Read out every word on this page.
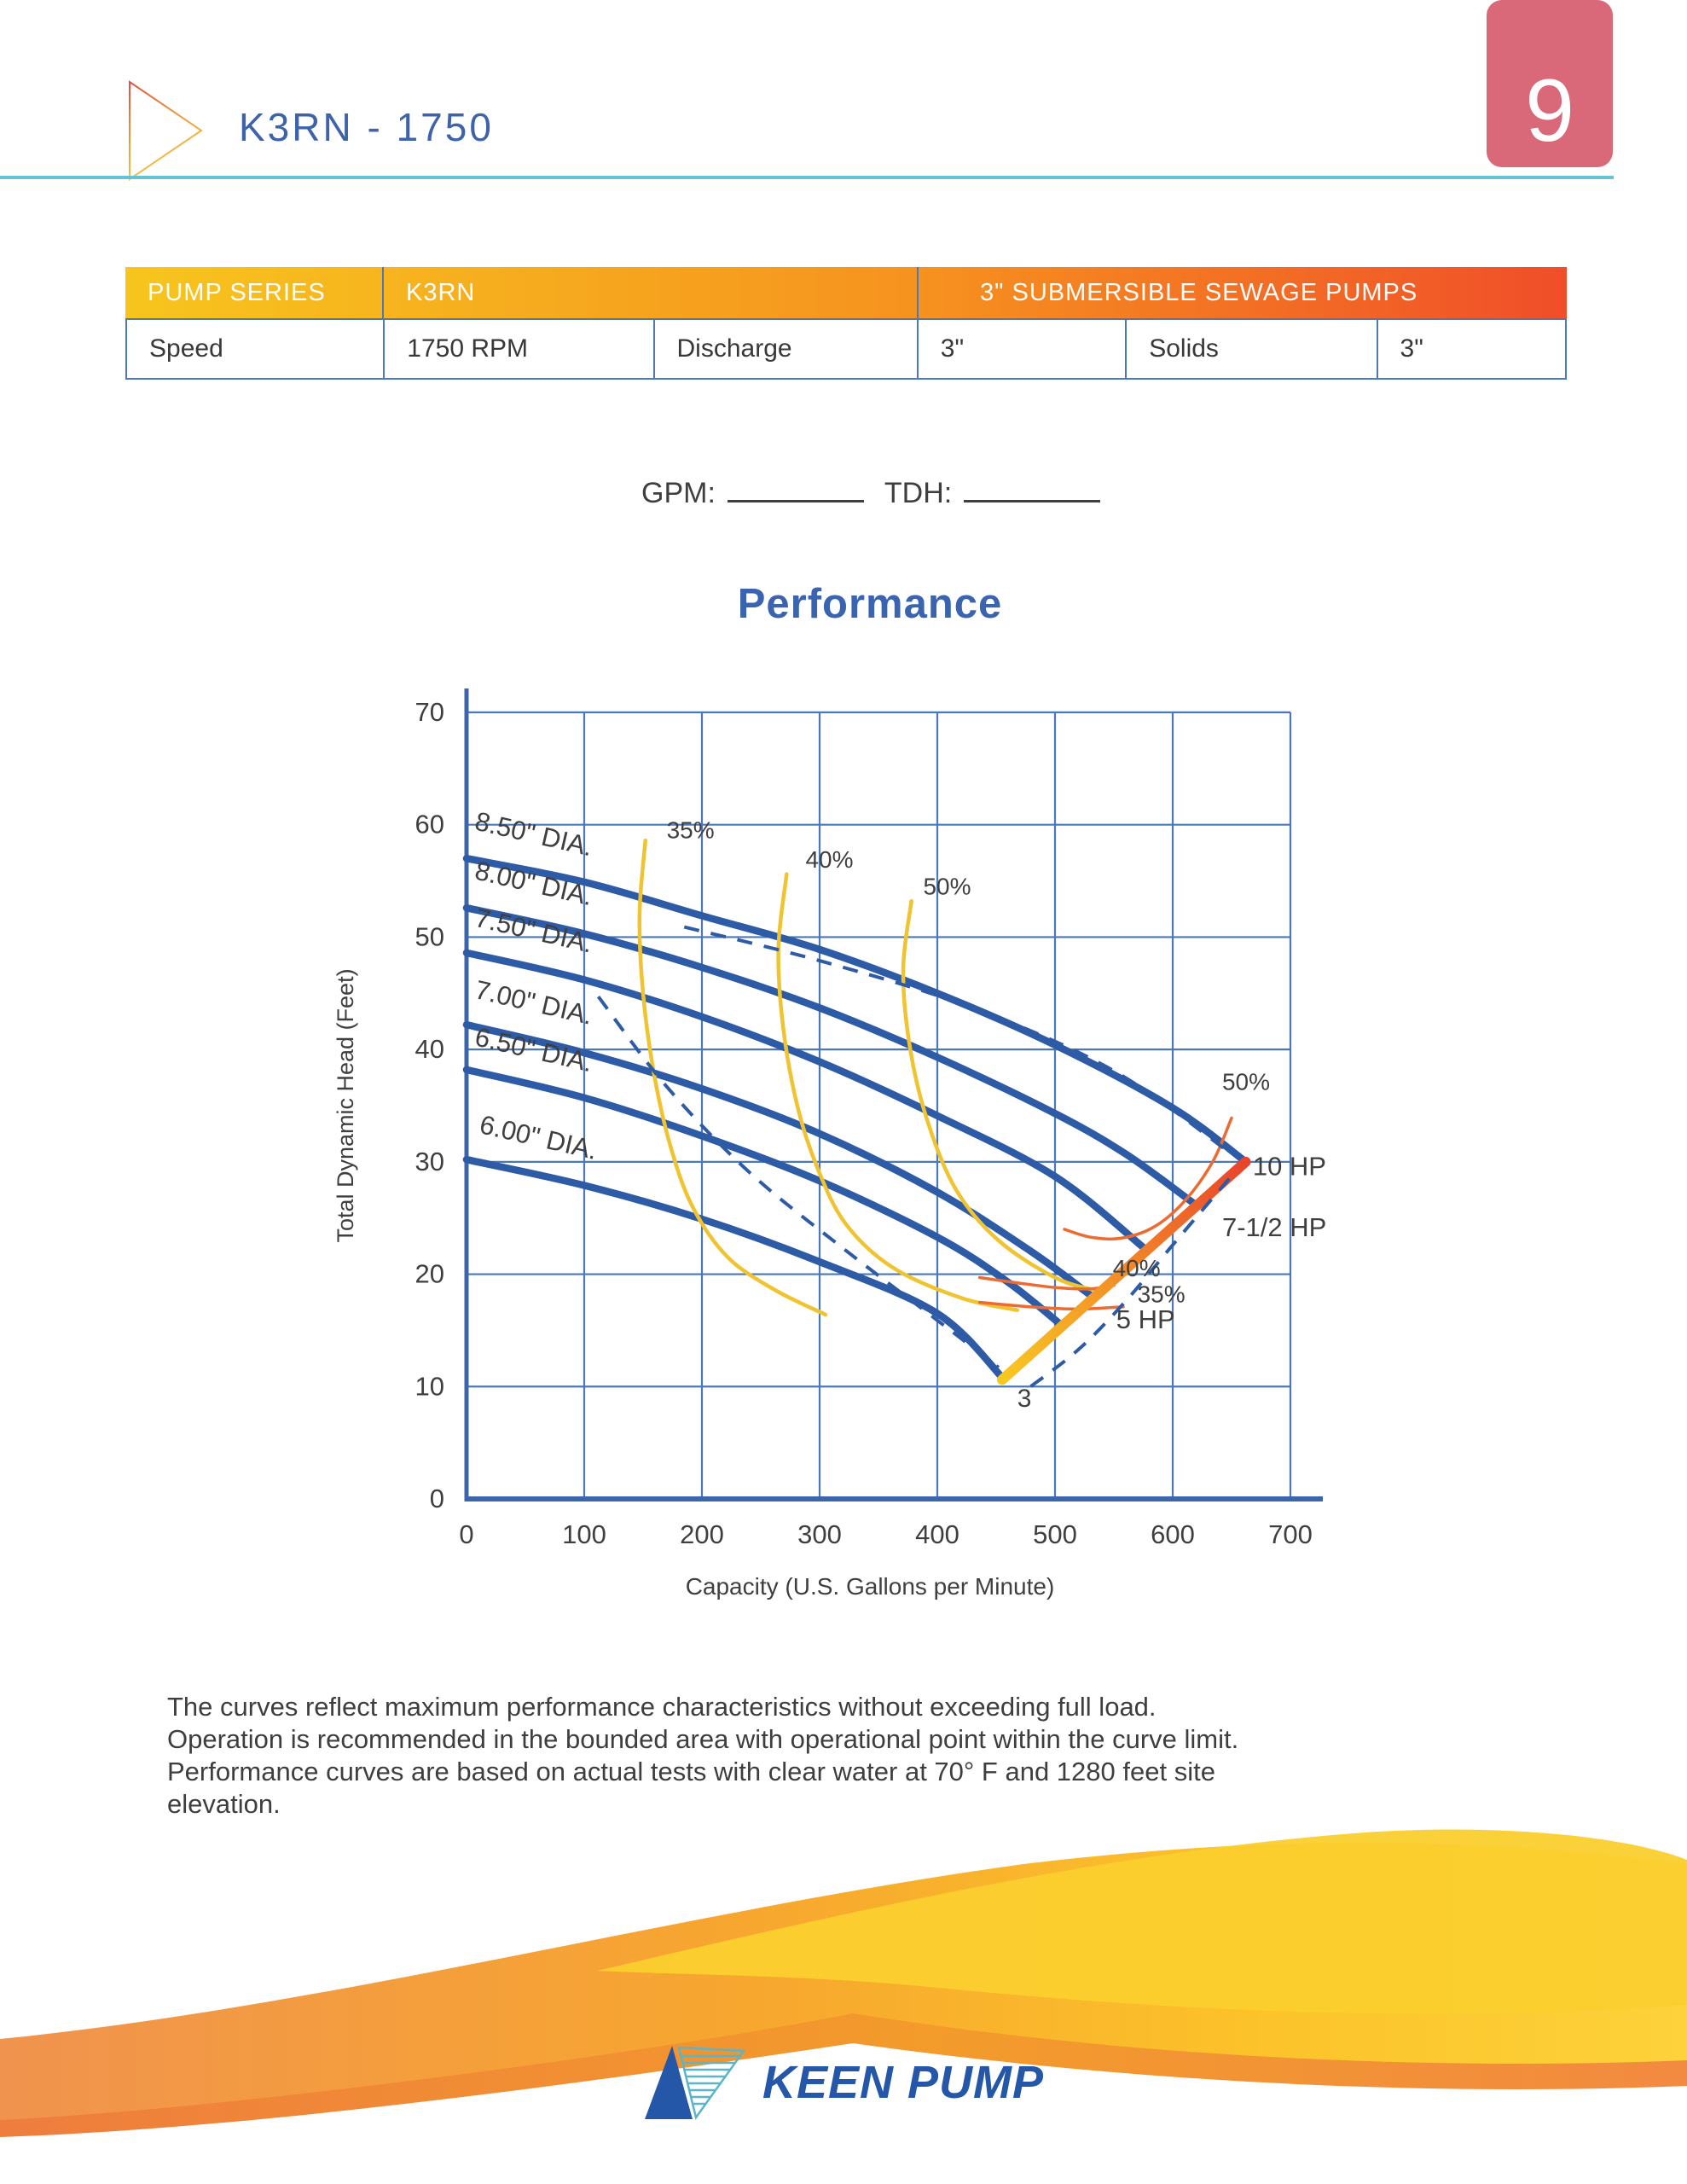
K3RN - 1750	9
PUMP SERIES	K3RN	3" SUBMERSIBLE SEWAGE PUMPS
Speed	1750 RPM	Discharge	3"	Solids	3"
GPM:	TDH:
Performance
0
10
20
30
40
50
60
70
0	100	200	300	400	500	600	700
Total Dynamic Head (Feet)
Capacity (U.S. Gallons per Minute)
8.50" DIA.
8.00" DIA.
7.50" DIA.
7.00" DIA.
6.50" DIA.
6.00" DIA.
35%
40%
50%
50%
10 HP
7-1/2 HP
40%
35%
5 HP
3
The curves reflect maximum performance characteristics without exceeding full load.
Operation is recommended in the bounded area with operational point within the curve limit.
Performance curves are based on actual tests with clear water at 70° F and 1280 feet site
elevation.
KEEN PUMP
